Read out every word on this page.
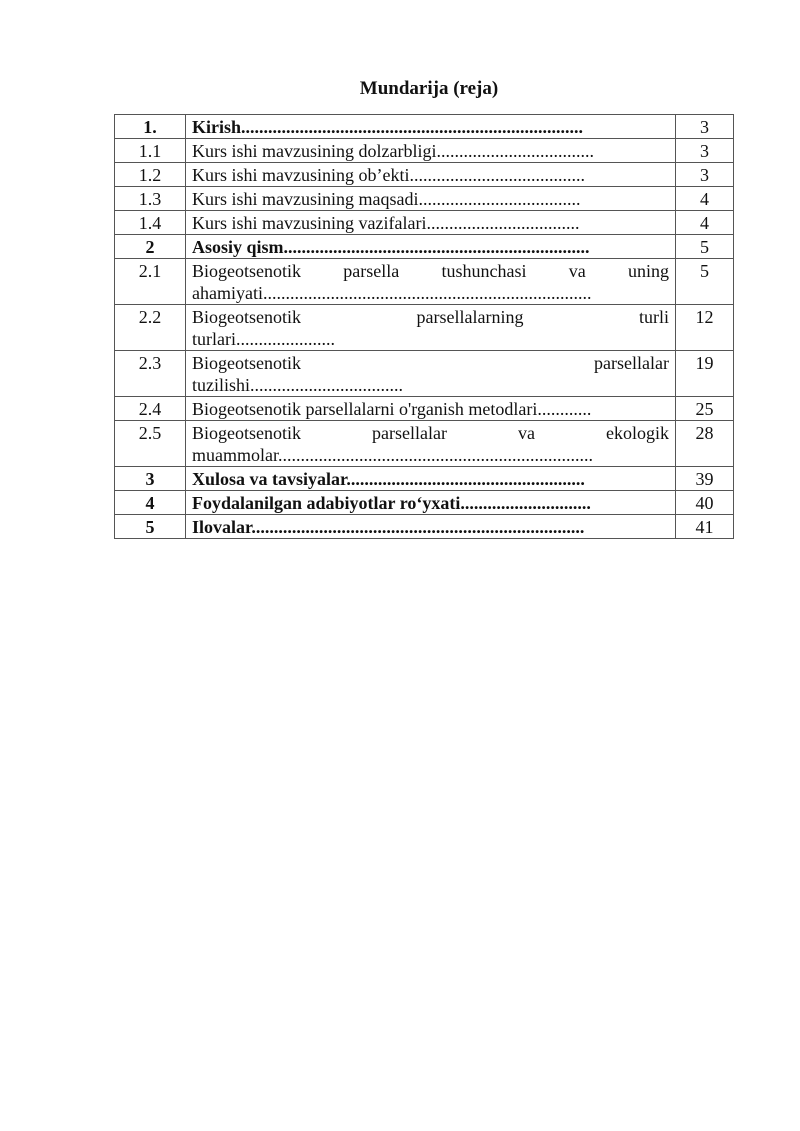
Mundarija (reja)
1.	Kirish............................................................................	3
1.1	Kurs ishi mavzusining dolzarbligi...................................	3
1.2	Kurs ishi mavzusining ob’ekti.......................................	3
1.3	Kurs ishi mavzusining maqsadi....................................	4
1.4	Kurs ishi mavzusining vazifalari..................................	4
2	Asosiy qism....................................................................	5
2.1	Biogeotsenotik parsella tushunchasi va uning
ahamiyati.........................................................................	5
2.2	Biogeotsenotik parsellalarning turli
turlari......................	12
2.3	Biogeotsenotik parsellalar
tuzilishi..................................	19
2.4	Biogeotsenotik parsellalarni o'rganish metodlari............	25
2.5	Biogeotsenotik parsellalar va ekologik
muammolar......................................................................	28
3	Xulosa va tavsiyalar.....................................................	39
4	Foydalanilgan adabiyotlar ro‘yxati.............................	40
5	Ilovalar..........................................................................	41
